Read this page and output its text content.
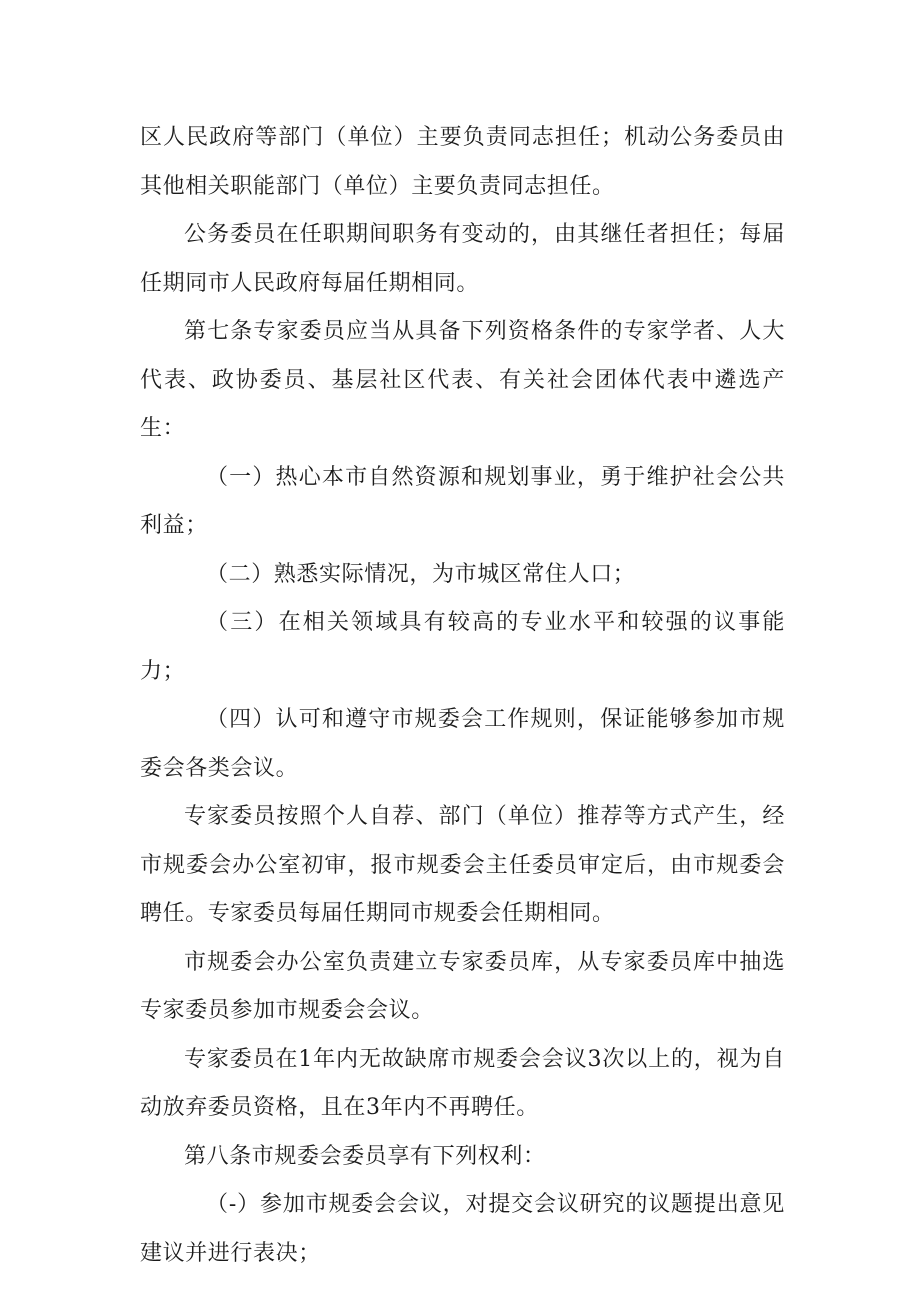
区人民政府等部门（单位）主要负责同志担任；机动公务委员由其他相关职能部门（单位）主要负责同志担任。

公务委员在任职期间职务有变动的，由其继任者担任；每届任期同市人民政府每届任期相同。

第七条专家委员应当从具备下列资格条件的专家学者、人大代表、政协委员、基层社区代表、有关社会团体代表中遴选产生：

（一）热心本市自然资源和规划事业，勇于维护社会公共利益；

（二）熟悉实际情况，为市城区常住人口；

（三）在相关领域具有较高的专业水平和较强的议事能力；

（四）认可和遵守市规委会工作规则，保证能够参加市规委会各类会议。

专家委员按照个人自荐、部门（单位）推荐等方式产生，经市规委会办公室初审，报市规委会主任委员审定后，由市规委会聘任。专家委员每届任期同市规委会任期相同。

市规委会办公室负责建立专家委员库，从专家委员库中抽选专家委员参加市规委会会议。

专家委员在1年内无故缺席市规委会会议3次以上的，视为自动放弃委员资格，且在3年内不再聘任。

第八条市规委会委员享有下列权利：

（-）参加市规委会会议，对提交会议研究的议题提出意见建议并进行表决；
